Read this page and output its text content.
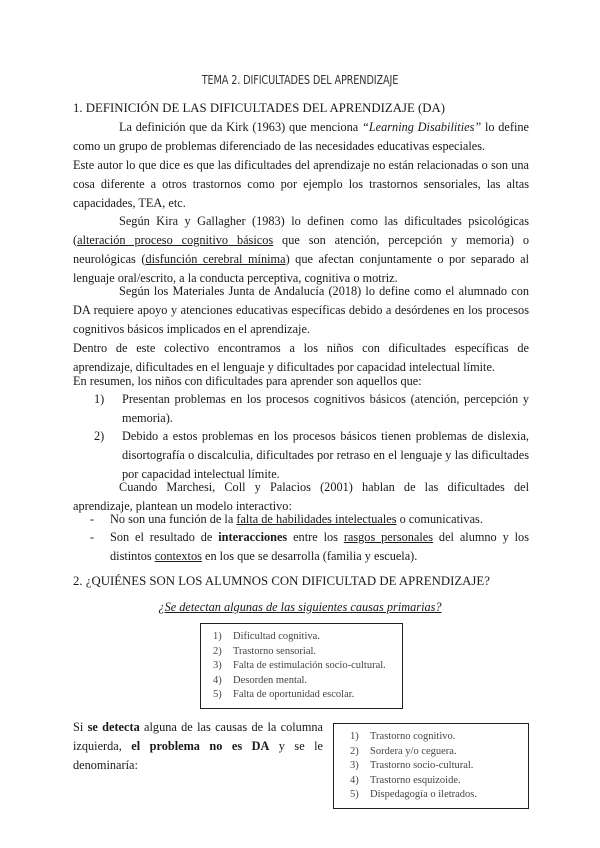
TEMA 2. DIFICULTADES DEL APRENDIZAJE
1. DEFINICIÓN DE LAS DIFICULTADES DEL APRENDIZAJE (DA)
La definición que da Kirk (1963) que menciona “Learning Disabilities” lo define como un grupo de problemas diferenciado de las necesidades educativas especiales.
Este autor lo que dice es que las dificultades del aprendizaje no están relacionadas o son una cosa diferente a otros trastornos como por ejemplo los trastornos sensoriales, las altas capacidades, TEA, etc.
Según Kira y Gallagher (1983) lo definen como las dificultades psicológicas (alteración proceso cognitivo básicos que son atención, percepción y memoria) o neurológicas (disfunción cerebral mínima) que afectan conjuntamente o por separado al lenguaje oral/escrito, a la conducta perceptiva, cognitiva o motriz.
Según los Materiales Junta de Andalucía (2018) lo define como el alumnado con DA requiere apoyo y atenciones educativas específicas debido a desórdenes en los procesos cognitivos básicos implicados en el aprendizaje.
Dentro de este colectivo encontramos a los niños con dificultades específicas de aprendizaje, dificultades en el lenguaje y dificultades por capacidad intelectual límite.
En resumen, los niños con dificultades para aprender son aquellos que:
1)	Presentan problemas en los procesos cognitivos básicos (atención, percepción y memoria).
2)	Debido a estos problemas en los procesos básicos tienen problemas de dislexia, disortografía o discalculia, dificultades por retraso en el lenguaje y las dificultades por capacidad intelectual límite.
Cuando Marchesi, Coll y Palacios (2001) hablan de las dificultades del aprendizaje, plantean un modelo interactivo:
- No son una función de la falta de habilidades intelectuales o comunicativas.
- Son el resultado de interacciones entre los rasgos personales del alumno y los distintos contextos en los que se desarrolla (familia y escuela).
2. ¿QUIÉNES SON LOS ALUMNOS CON DIFICULTAD DE APRENDIZAJE?
¿Se detectan algunas de las siguientes causas primarias?
1) Dificultad cognitiva.
2) Trastorno sensorial.
3) Falta de estimulación socio-cultural.
4) Desorden mental.
5) Falta de oportunidad escolar.
Si se detecta alguna de las causas de la columna izquierda, el problema no es DA y se le denominaría:
1) Trastorno cognitivo.
2) Sordera y/o ceguera.
3) Trastorno socio-cultural.
4) Trastorno esquizoide.
5) Dispedagogía o iletrados.
